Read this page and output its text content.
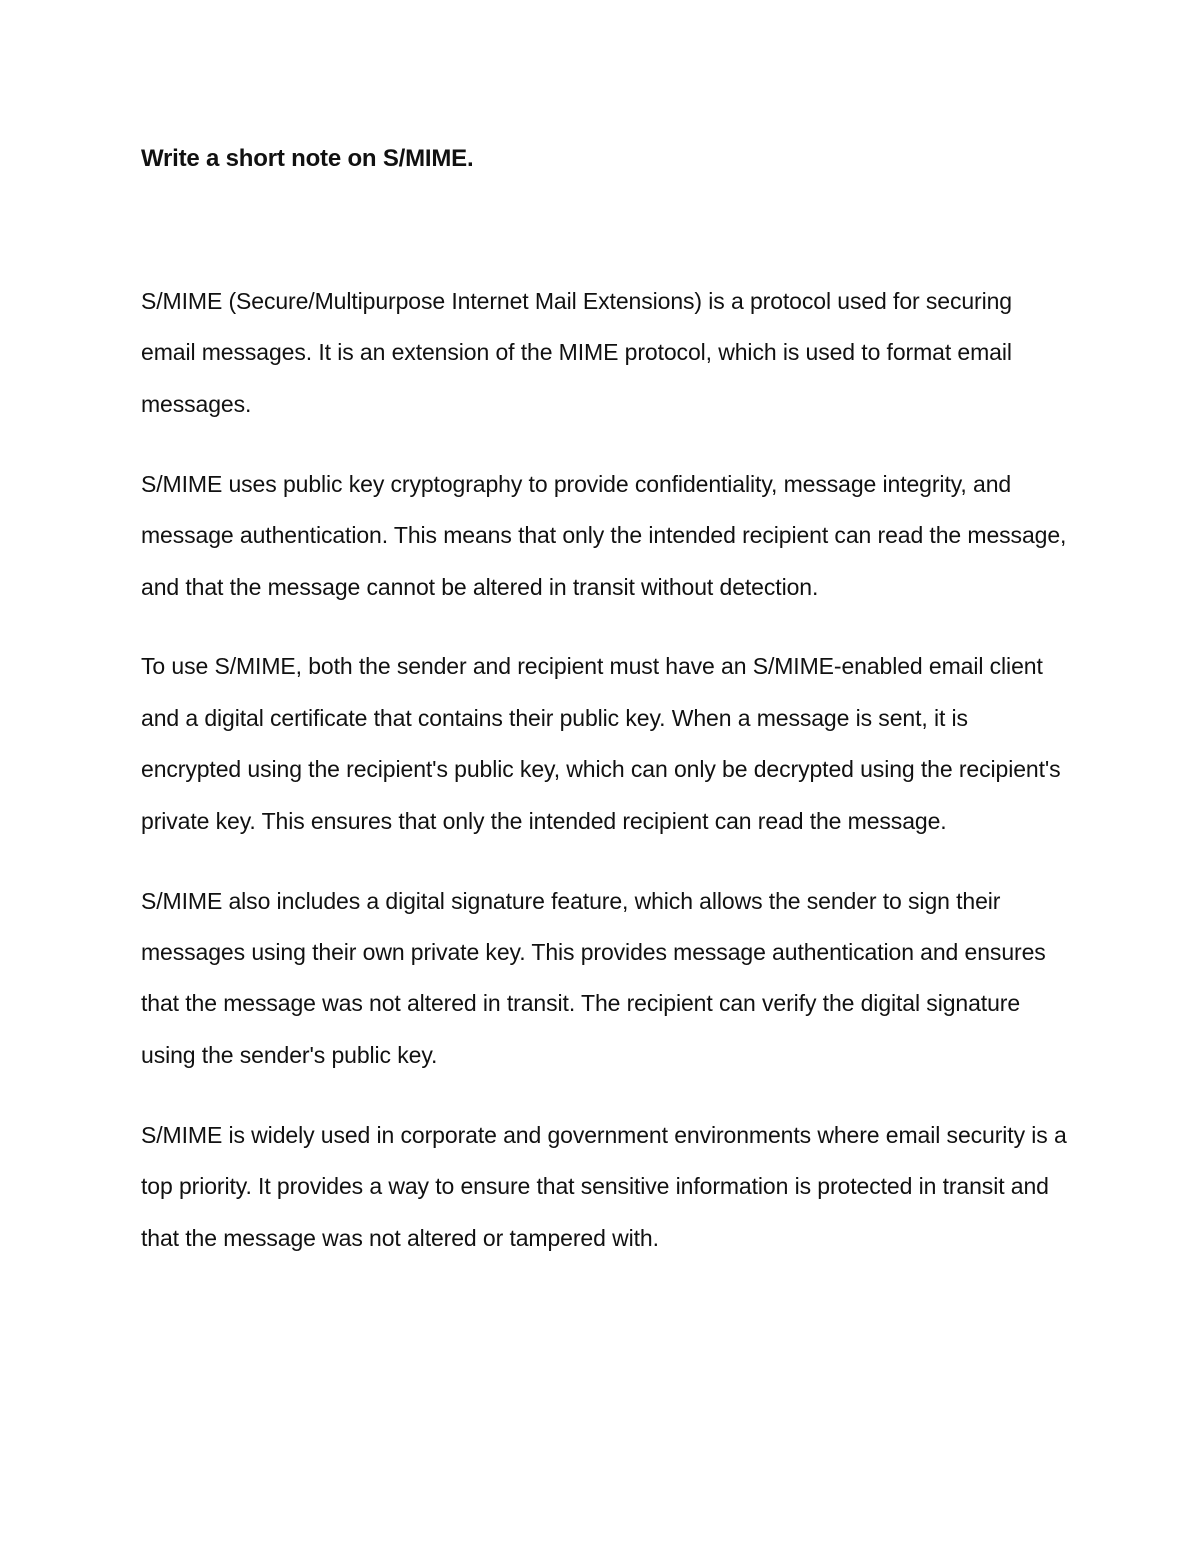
Write a short note on S/MIME.

S/MIME (Secure/Multipurpose Internet Mail Extensions) is a protocol used for securing email messages. It is an extension of the MIME protocol, which is used to format email messages.

S/MIME uses public key cryptography to provide confidentiality, message integrity, and message authentication. This means that only the intended recipient can read the message, and that the message cannot be altered in transit without detection.

To use S/MIME, both the sender and recipient must have an S/MIME-enabled email client and a digital certificate that contains their public key. When a message is sent, it is encrypted using the recipient's public key, which can only be decrypted using the recipient's private key. This ensures that only the intended recipient can read the message.

S/MIME also includes a digital signature feature, which allows the sender to sign their messages using their own private key. This provides message authentication and ensures that the message was not altered in transit. The recipient can verify the digital signature using the sender's public key.

S/MIME is widely used in corporate and government environments where email security is a top priority. It provides a way to ensure that sensitive information is protected in transit and that the message was not altered or tampered with.
